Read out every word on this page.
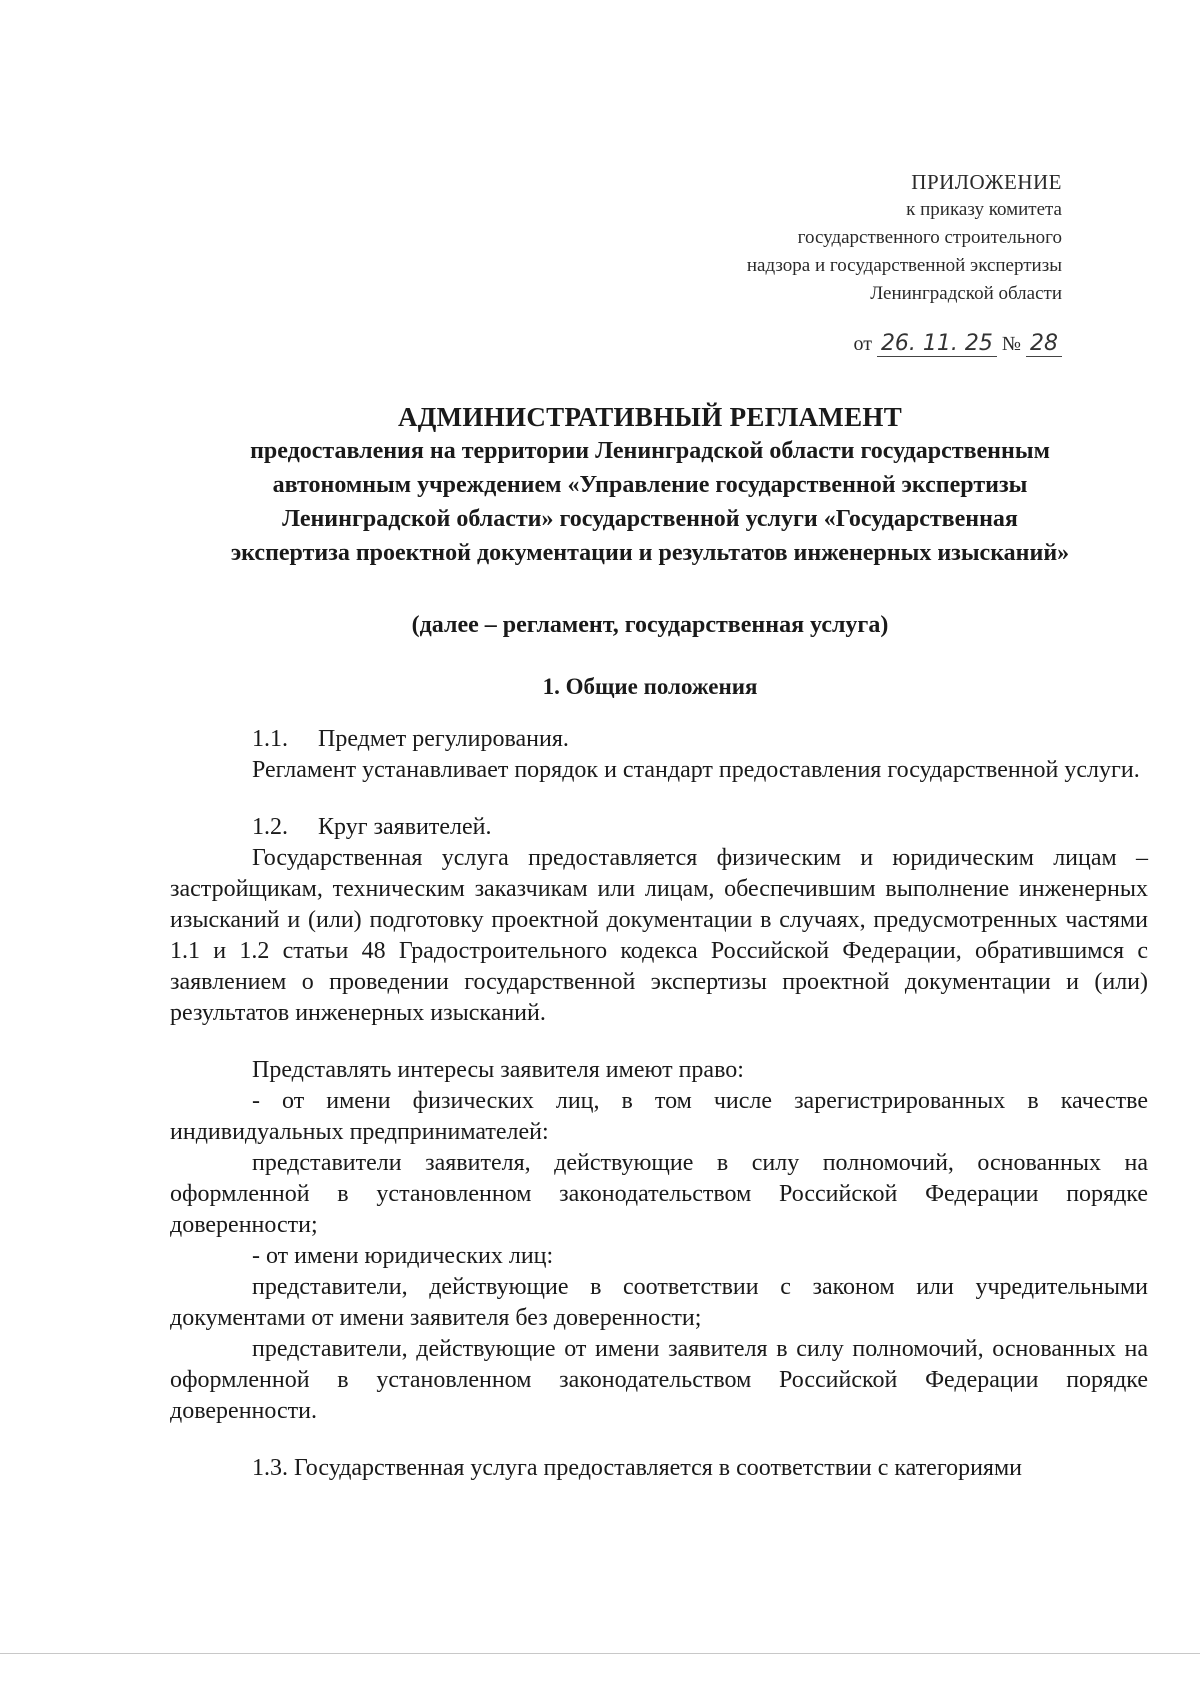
ПРИЛОЖЕНИЕ
к приказу комитета
государственного строительного
надзора и государственной экспертизы
Ленинградской области
от 26. 11. 25 № 28
АДМИНИСТРАТИВНЫЙ РЕГЛАМЕНТ
предоставления на территории Ленинградской области государственным
автономным учреждением «Управление государственной экспертизы
Ленинградской области» государственной услуги «Государственная
экспертиза проектной документации и результатов инженерных изысканий»
(далее – регламент, государственная услуга)
1. Общие положения

1.1. Предмет регулирования.

Регламент устанавливает порядок и стандарт предоставления государственной услуги.

1.2. Круг заявителей.

Государственная услуга предоставляется физическим и юридическим лицам – застройщикам, техническим заказчикам или лицам, обеспечившим выполнение инженерных изысканий и (или) подготовку проектной документации в случаях, предусмотренных частями 1.1 и 1.2 статьи 48 Градостроительного кодекса Российской Федерации, обратившимся с заявлением о проведении государственной экспертизы проектной документации и (или) результатов инженерных изысканий.

Представлять интересы заявителя имеют право:

- от имени физических лиц, в том числе зарегистрированных в качестве индивидуальных предпринимателей:

представители заявителя, действующие в силу полномочий, основанных на оформленной в установленном законодательством Российской Федерации порядке доверенности;

- от имени юридических лиц:

представители, действующие в соответствии с законом или учредительными документами от имени заявителя без доверенности;

представители, действующие от имени заявителя в силу полномочий, основанных на оформленной в установленном законодательством Российской Федерации порядке доверенности.

1.3. Государственная услуга предоставляется в соответствии с категориями
